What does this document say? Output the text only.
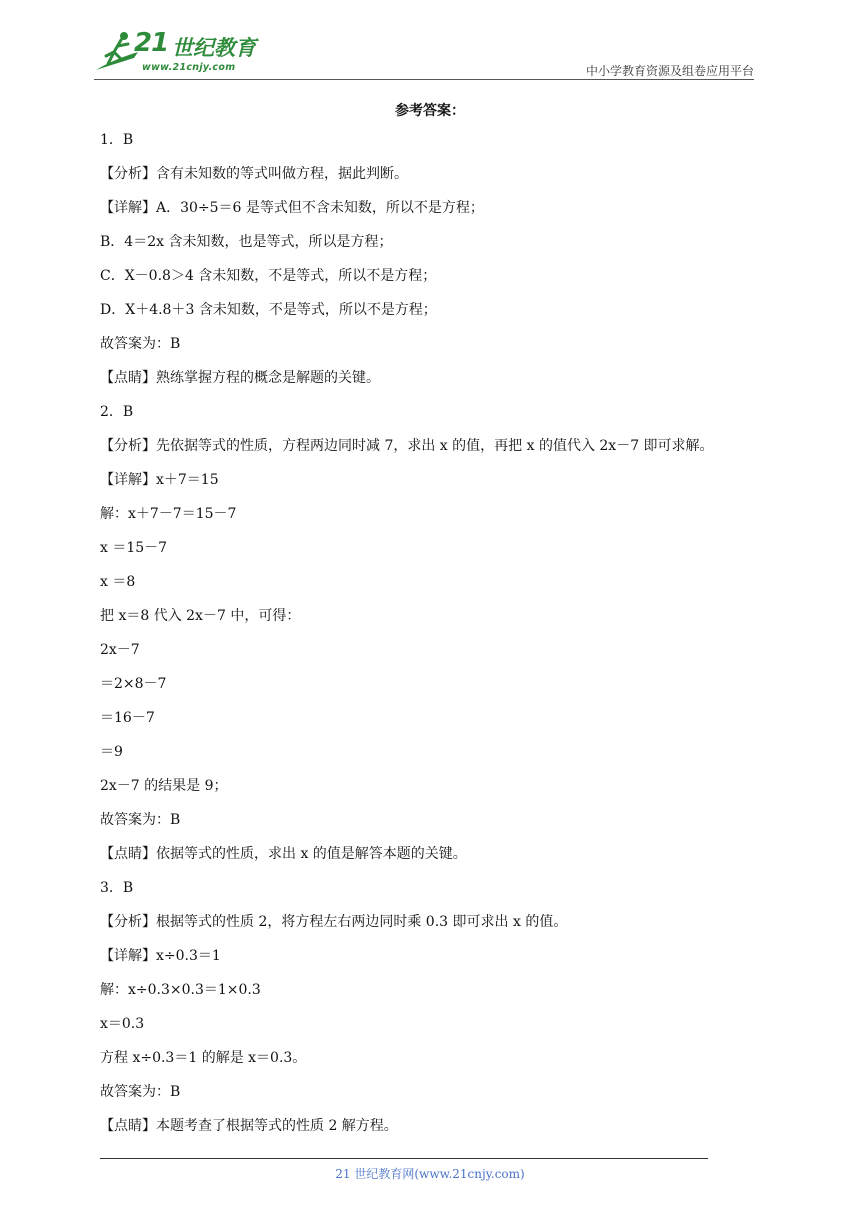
21 世纪教育
www.21cnjy.com	中小学教育资源及组卷应用平台
参考答案：
1．B
【分析】含有未知数的等式叫做方程，据此判断。
【详解】A．30÷5＝6 是等式但不含未知数，所以不是方程；
B．4＝2x 含未知数，也是等式，所以是方程；
C．X－0.8＞4 含未知数，不是等式，所以不是方程；
D．X＋4.8＋3 含未知数，不是等式，所以不是方程；
故答案为：B
【点睛】熟练掌握方程的概念是解题的关键。
2．B
【分析】先依据等式的性质，方程两边同时减 7，求出 x 的值，再把 x 的值代入 2x－7 即可求解。
【详解】x＋7＝15
解：x＋7－7＝15－7
x ＝15－7
x ＝8
把 x＝8 代入 2x－7 中，可得：
2x－7
＝2×8－7
＝16－7
＝9
2x－7 的结果是 9；
故答案为：B
【点睛】依据等式的性质，求出 x 的值是解答本题的关键。
3．B
【分析】根据等式的性质 2，将方程左右两边同时乘 0.3 即可求出 x 的值。
【详解】x÷0.3＝1
解：x÷0.3×0.3＝1×0.3
x＝0.3
方程 x÷0.3＝1 的解是 x＝0.3。
故答案为：B
【点睛】本题考查了根据等式的性质 2 解方程。
21 世纪教育网(www.21cnjy.com)
